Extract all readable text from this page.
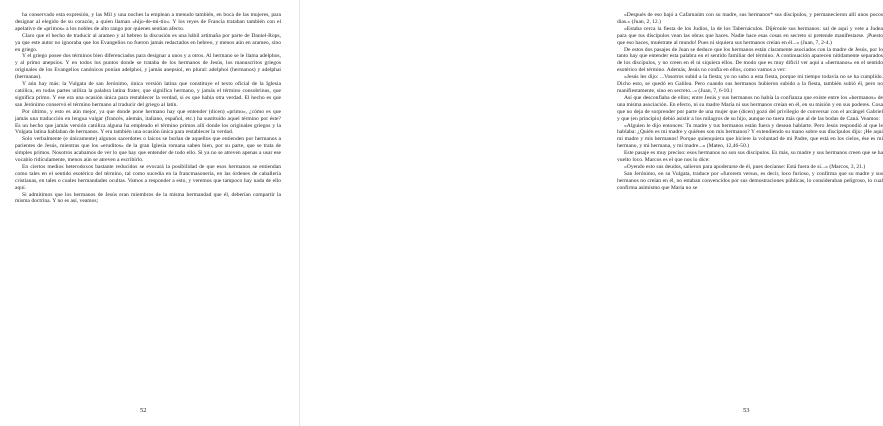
ha conservado esta expresión, y las Mil y una noches la emplean a menudo también, en boca de las mujeres, para designar al elegido de su corazón, a quien llaman «hijo-de-mi-tío». Y los reyes de Francia trataban también con el apelativo de «primos» a los nobles de alto rango por quienes sentían afecto.

Claro que el hecho de traducir al arameo y al hebreo la discusión es una hábil artimaña por parte de Daniel-Rops, ya que este autor no ignoraba que los Evangelios no fueron jamás redactados en hebreo, y menos aún en arameo, sino en griego.

Y el griego posee dos términos bien diferenciados para designar a unos y a otros. Al hermano se le llama adelphos, y al primo anepsios. Y en todos los puntos donde se trataba de los hermanos de Jesús, los manuscritos griegos originales de los Evangelios canónicos ponían adelphoi, y jamás anepsioi, en plural: adelphoi (hermanos) y adelphai (hermanas).

Y aún hay más: la Vulgata de san Jerónimo, única versión latina que constituye el texto oficial de la Iglesia católica, en todas partes utiliza la palabra latina frater, que significa hermano, y jamás el término consobrinus, que significa primo. Y ese era una ocasión única para restablecer la verdad, si es que había otra verdad. El hecho es que san Jerónimo conservó el término hermano al traducir del griego al latín.

Por último, y esto es aún mejor, ya que donde pone hermano hay que entender (dicen) «primo», ¿cómo es que jamás una traducción en lengua vulgar (francés, alemán, italiano, español, etc.) ha sustituido aquel término por éste? Es un hecho que jamás versión católica alguna ha empleado el término primos allí donde los originales griegos y la Vulgata latina hablaban de hermanos. Y era también una ocasión única para restablecer la verdad.

Solo verbalmente (e únicamente) algunos sacerdotes o laicos se burlan de aquellos que entienden por hermanos a parientes de Jesús, mientras que los «eruditos» de la gran Iglesia romana saben bien, por su parte, que se trata de simples primos. Nosotros acabamos de ver lo que hay que entender de todo ello. Si ya no se atreven apenas a usar ese vocablo ridículamente, menos aún se atreven a escribirlo.

En ciertos medios heterodoxos bastante reducidos se evocará la posibilidad de que esos hermanos se entiendan como tales en el sentido esotérico del término, tal como sucedía en la francmasonería, en las órdenes de caballería cristianas, en tales o cuales hermandades ocultas. Vamos a responder a esto, y veremos que tampoco hay nada de ello aquí.

Si admitimos que los hermanos de Jesús eran miembros de la misma hermandad que él, deberían compartir la misma doctrina. Y no es así, veamos;

52

«Después de eso bajó a Cafarnaúm con su madre, sus hermanos* sus discípulos, y permanecieron allí unos pocos días.» (Juan, 2, 12.)

«Estaba cerca la fiesta de los Judíos, la de los Tabernáculos. Dijéronle sus hermanos: sal de aquí y vete a Judea para que tus discípulos vean las obras que haces. Nadie hace esas cosas en secreto si pretende manifestarse. ¡Puesto que eso haces, muéstrate al mundo! Pues ni siquiera sus hermanos creían en él...» (Juan, 7, 2-4.)

De estos dos pasajes de Juan se deduce que los hermanos están claramente asociados con la madre de Jesús, por lo tanto hay que entender esta palabra en el sentido familiar del término. A continuación aparecen nítidamente separados de los discípulos, y no creen en él ni siquiera ellos. De modo que es muy difícil ver aquí a «hermanos» en el sentido esotérico del término. Además, Jesús no confía en ellos, como vamos a ver:

«Jesús les dijo: ...Vosotros subid a la fiesta; yo no subo a esta fiesta, porque mi tiempo todavía no se ha cumplido. Dicho esto, se quedó en Galilea. Pero cuando sus hermanos hubieron subido a la fiesta, también subió él, pero no manifiestamente, sino en secreto...» (Juan, 7, 6-10.)

Así que desconfiaba de ellos; entre Jesús y sus hermanos no había la confianza que existe entre los «hermanos» de una misma asociación. En efecto, ni su madre María ni sus hermanos creían en él, en su misión y en sus poderes. Cosa que no deja de sorprender por parte de una mujer que (dicen) gozó del privilegio de conversar con el arcángel Gabriel y que (en principio) debió asistir a los milagros de su hijo, aunque no tuera más que al de las bodas de Caná. Veamos:

«Alguien le dijo entonces: Tu madre y tus hermanos están fuera y desean hablarte. Pero Jesús respondió al que le hablaba: ¿Quién es mi madre y quiénes son mis hermanos? Y extendiendo su mano sobre sus discípulos dijo: ¡He aquí mi madre y mis hermanos! Porque quienquiera que hiciere la voluntad de mi Padre, que está en los cielos, ése es mi hermano, y mi hermana, y mi madre...» (Mateo, 12,46-50.)

Este pasaje es muy preciso: esos hermanos no son sus discípulos. Es más, su madre y sus hermanos creen que se ha vuelto loco. Marcos es el que nos lo dice:

«Oyendo esto sus deudos, salieron para apoderarse de él, pues decíanse: Está fuera de sí...» (Marcos, 3, 21.)

San Jerónimo, en su Vulgata, traduce por «furorem versus, es decir, loco furioso, y confirma que su madre y sus hermanos no creían en él, no estaban convencidos por sus demostraciones públicas, lo consideraban peligroso, lo cual confirma asimismo que María no se

53
